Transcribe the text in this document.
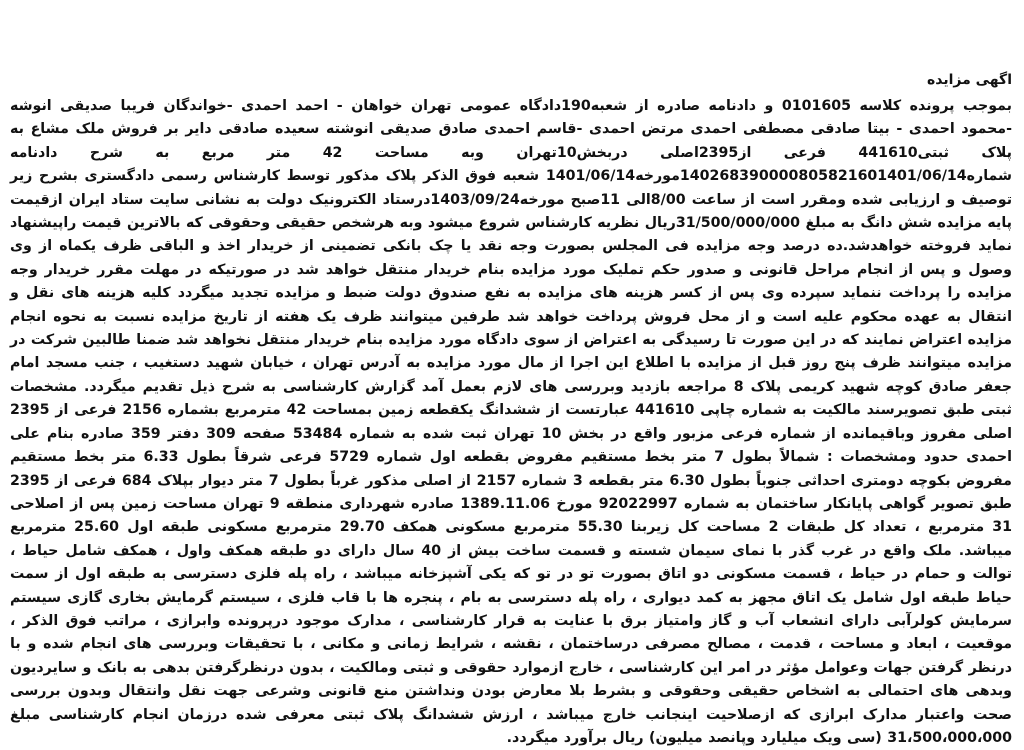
اگهی مزایده

بموجب پرونده کلاسه 0101605 و دادنامه صادره از شعبه190دادگاه عمومی تهران خواهان - احمد احمدی -خواندگان فریبا صدیقی انوشه -محمود احمدی - بیتا صادقی مصطفی احمدی مرتض احمدی -قاسم احمدی صادق صدیقی انوشته سعیده صادقی دایر بر فروش ملک مشاع به پلاک ثبتی441610 فرعی از2395اصلی دربخش10تهران وبه مساحت 42 متر مربع به شرح دادنامه شماره140268390000805821601401/06/14مورخه1401/06/14 شعبه فوق الذکر پلاک مذکور توسط کارشناس رسمی دادگستری بشرح زیر توصیف و ارزیابی شده ومقرر است از ساعت 8/00الی 11صبح مورخه1403/09/24درستاد الکترونیک دولت به نشانی سایت ستاد ایران ازقیمت پایه مزایده شش دانگ به مبلغ 31/500/000/000ریال نظریه کارشناس شروع میشود وبه هرشخص حقیقی وحقوقی که بالاترین قیمت راپیشنهاد نماید فروخته خواهدشد.ده درصد وجه مزایده فی المجلس بصورت وجه نقد یا چک بانکی تضمینی از خریدار اخذ و الباقی ظرف یکماه از وی وصول و پس از انجام مراحل قانونی و صدور حکم تملیک مورد مزایده بنام خریدار منتقل خواهد شد در صورتیکه در مهلت مقرر خریدار وجه مزایده را پرداخت ننماید سپرده وی پس از کسر هزینه های مزایده به نفع صندوق دولت ضبط و مزایده تجدید میگردد کلیه هزینه های نقل و انتقال به عهده محکوم علیه است و از محل فروش پرداخت خواهد شد طرفین میتوانند ظرف یک هفته از تاریخ مزایده نسبت به نحوه انجام مزایده اعتراض نمایند که در این صورت تا رسیدگی به اعتراض از سوی دادگاه مورد مزایده بنام خریدار منتقل نخواهد شد ضمنا طالبین شرکت در مزایده میتوانند ظرف پنج روز قبل از مزایده با اطلاع این اجرا از مال مورد مزایده به آدرس تهران ، خیابان شهید دستغیب ، جنب مسجد امام جعفر صادق کوچه شهید کریمی پلاک 8 مراجعه بازدید وبررسی های لازم بعمل آمد گزارش کارشناسی به شرح ذیل تقدیم میگردد. مشخصات ثبتی طبق تصویرسند مالکیت به شماره چاپی 441610 عبارتست از ششدانگ یکقطعه زمین بمساحت 42 مترمربع بشماره 2156 فرعی از 2395 اصلی مفروز وباقیمانده از شماره فرعی مزبور واقع در بخش 10 تهران ثبت شده به شماره 53484 صفحه 309 دفتر 359 صادره بنام علی احمدی حدود ومشخصات : شمالاً بطول 7 متر بخط مستقیم مفروض بقطعه اول شماره 5729 فرعی شرقاً بطول 6.33 متر بخط مستقیم مفروض بکوچه دومتری احداثی جنوباً بطول 6.30 متر بقطعه 3 شماره 2157 از اصلی مذکور غرباً بطول 7 متر دیوار بپلاک 684 فرعی از 2395 طبق تصویر گواهی پایانکار ساختمان به شماره 92022997 مورخ 1389.11.06 صادره شهرداری منطقه 9 تهران مساحت زمین پس از اصلاحی 31 مترمربع ، تعداد کل طبقات 2 مساحت کل زیربنا 55.30 مترمربع مسکونی همکف 29.70 مترمربع مسکونی طبقه اول 25.60 مترمربع میباشد. ملک واقع در غرب گذر با نمای سیمان شسته و قسمت ساخت بیش از 40 سال دارای دو طبقه همکف واول ، همکف شامل حیاط ، توالت و حمام در حیاط ، قسمت مسکونی دو اتاق بصورت تو در تو که یکی آشپزخانه میباشد ، راه پله فلزی دسترسی به طبقه اول از سمت حیاط طبقه اول شامل یک اتاق مجهز به کمد دیواری ، راه پله دسترسی به بام ، پنجره ها با قاب فلزی ، سیستم گرمایش بخاری گازی سیستم سرمایش کولرآبی دارای انشعاب آب و گاز وامتیاز برق با عنایت به قرار کارشناسی ، مدارک موجود درپرونده وابرازی ، مراتب فوق الذکر ، موقعیت ، ابعاد و مساحت ، قدمت ، مصالح مصرفی درساختمان ، نقشه ، شرایط زمانی و مکانی ، با تحقیقات وبررسی های انجام شده و با درنظر گرفتن جهات وعوامل مؤثر در امر این کارشناسی ، خارج ازموارد حقوقی و ثبتی ومالکیت ، بدون درنظرگرفتن بدهی به بانک و سایردیون وبدهی های احتمالی به اشخاص حقیقی وحقوقی و بشرط بلا معارض بودن ونداشتن منع قانونی وشرعی جهت نقل وانتقال وبدون بررسی صحت واعتبار مدارک ابرازی که ازصلاحیت اینجانب خارج میباشد ، ارزش ششدانگ پلاک ثبتی معرفی شده درزمان انجام کارشناسی مبلغ 31،500،000،000 (سی ویک میلیارد وپانصد میلیون) ریال برآورد میگردد.
